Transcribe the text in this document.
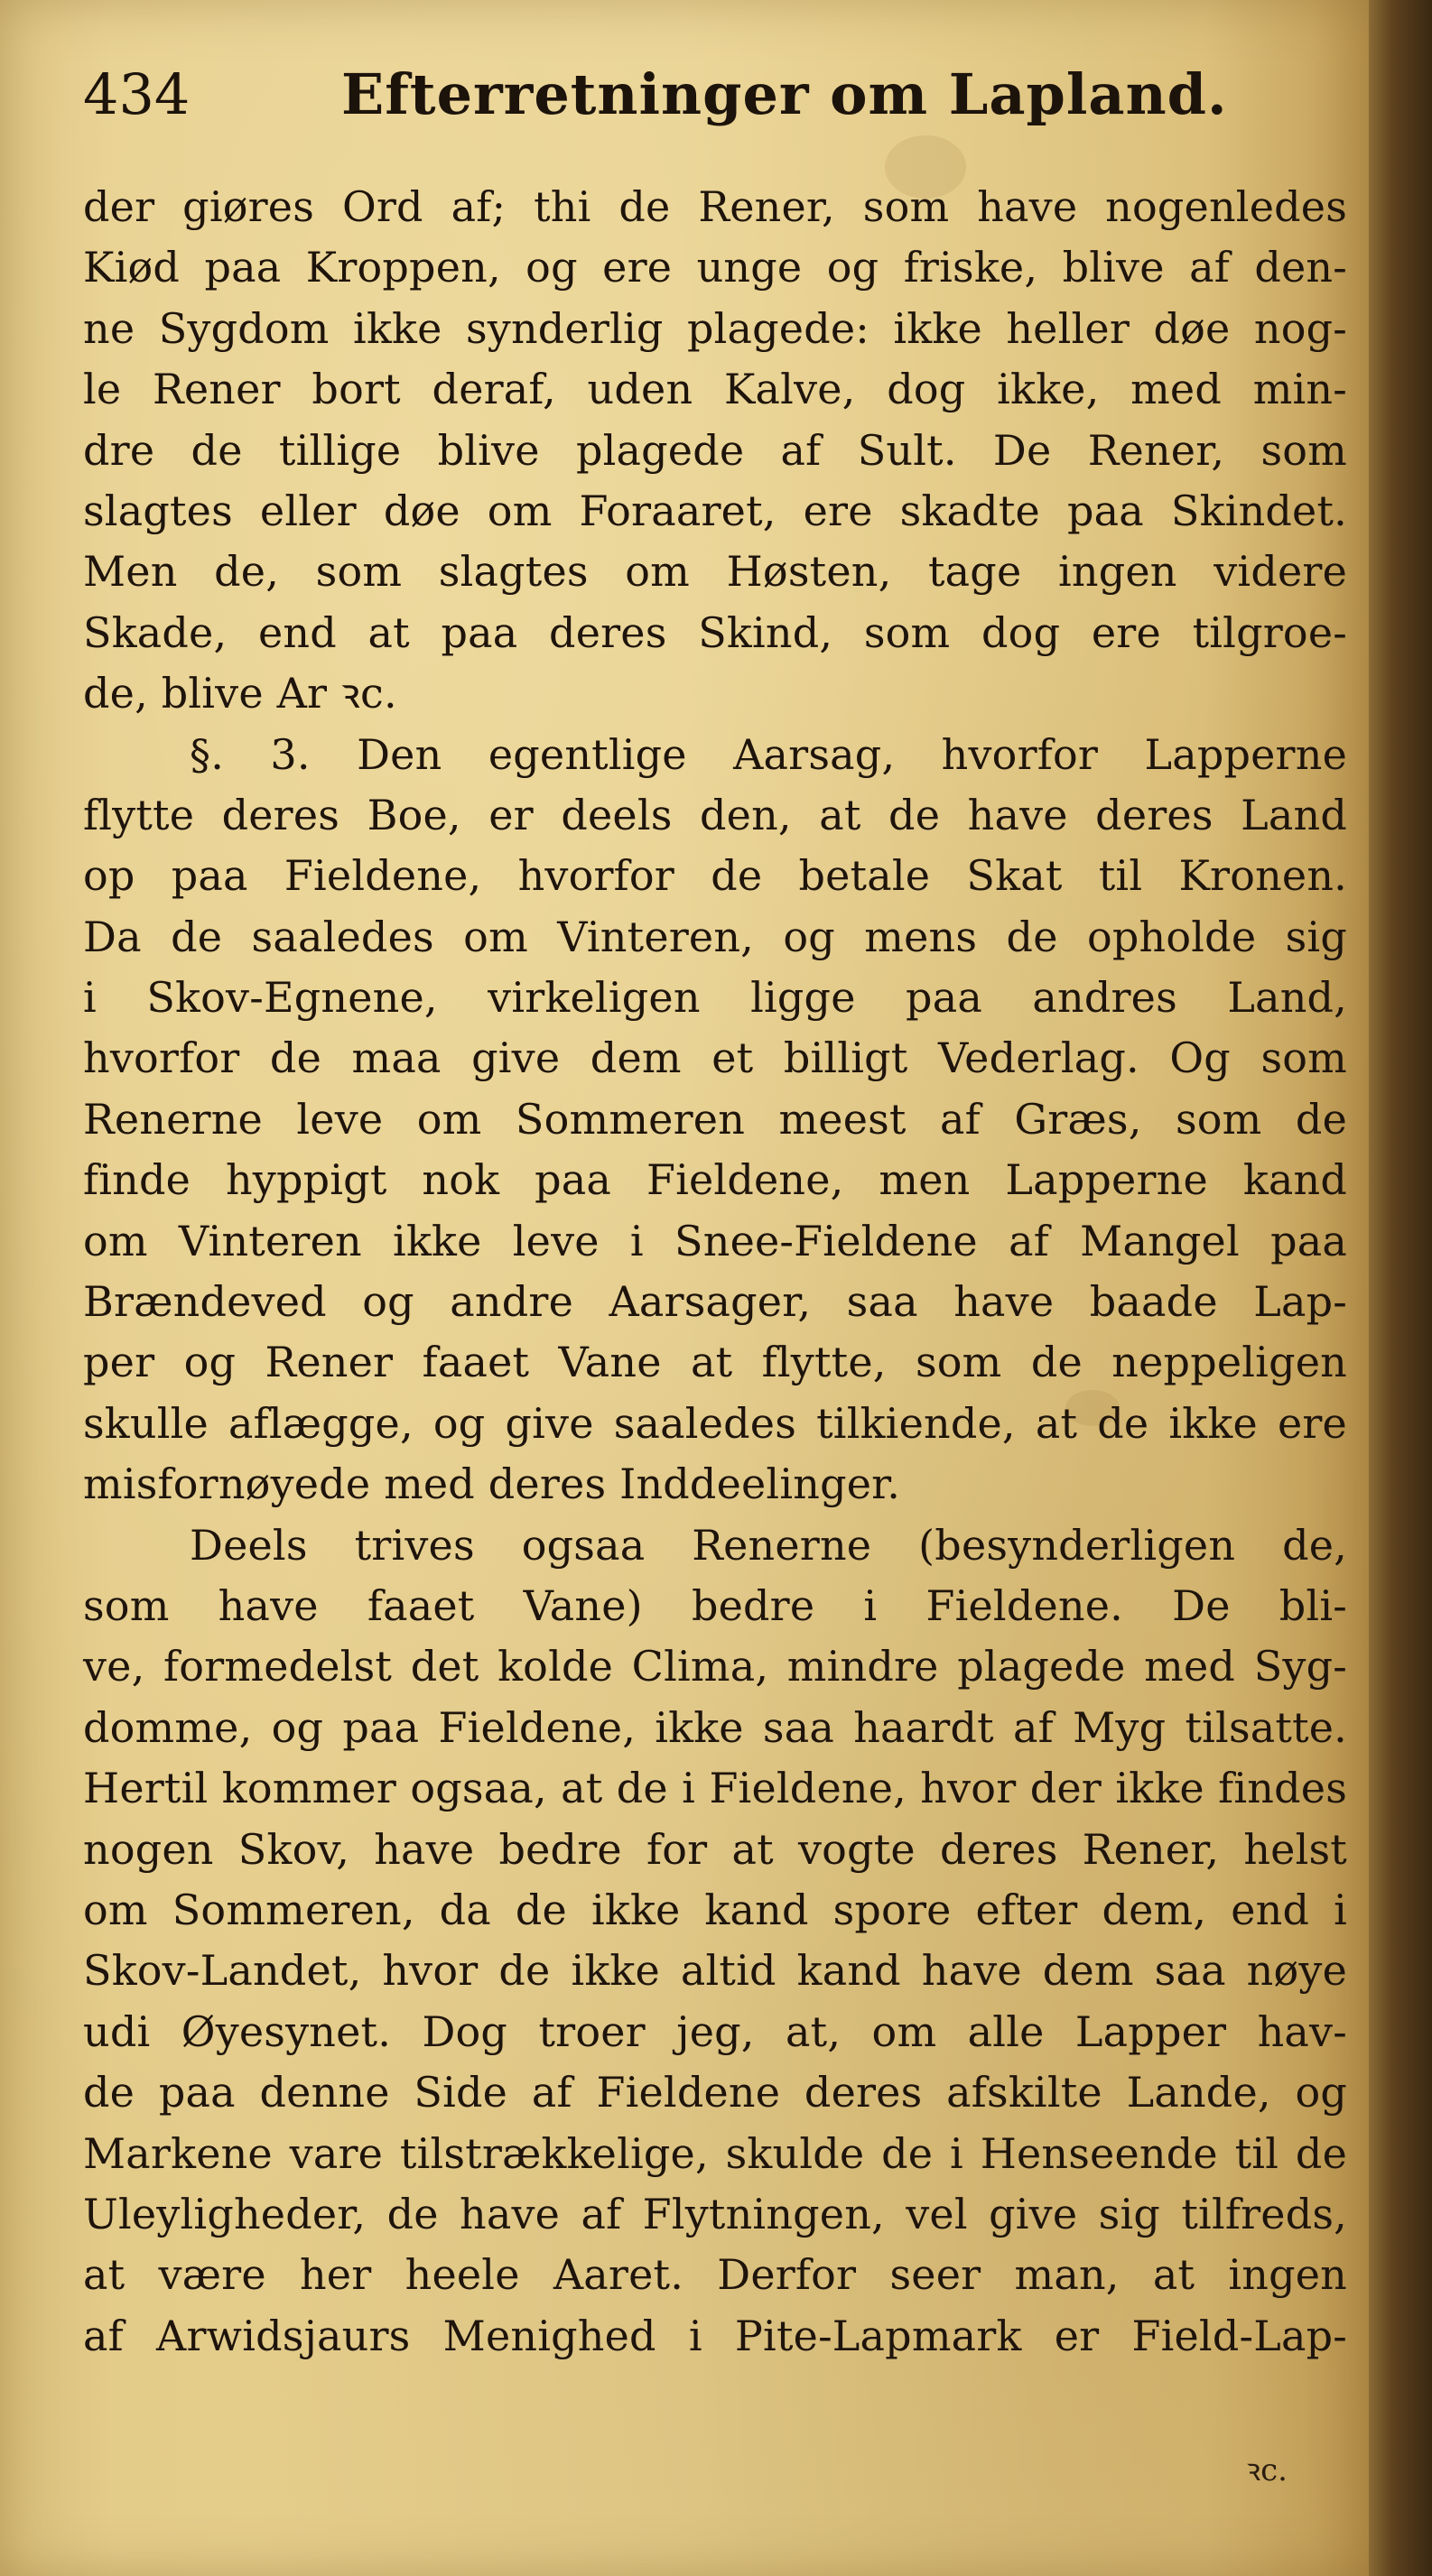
434	Efterretninger om Lapland.
der giøres Ord af; thi de Rener, som have nogenledes
Kiød paa Kroppen, og ere unge og friske, blive af den-
ne Sygdom ikke synderlig plagede: ikke heller døe nog-
le Rener bort deraf, uden Kalve, dog ikke, med min-
dre de tillige blive plagede af Sult. De Rener, som
slagtes eller døe om Foraaret, ere skadte paa Skindet.
Men de, som slagtes om Høsten, tage ingen videre
Skade, end at paa deres Skind, som dog ere tilgroe-
de, blive Ar ꝛc.
§. 3. Den egentlige Aarsag, hvorfor Lapperne
flytte deres Boe, er deels den, at de have deres Land
op paa Fieldene, hvorfor de betale Skat til Kronen.
Da de saaledes om Vinteren, og mens de opholde sig
i Skov-Egnene, virkeligen ligge paa andres Land,
hvorfor de maa give dem et billigt Vederlag. Og som
Renerne leve om Sommeren meest af Græs, som de
finde hyppigt nok paa Fieldene, men Lapperne kand
om Vinteren ikke leve i Snee-Fieldene af Mangel paa
Brændeved og andre Aarsager, saa have baade Lap-
per og Rener faaet Vane at flytte, som de neppeligen
skulle aflægge, og give saaledes tilkiende, at de ikke ere
misfornøyede med deres Inddeelinger.
Deels trives ogsaa Renerne (besynderligen de,
som have faaet Vane) bedre i Fieldene. De bli-
ve, formedelst det kolde Clima, mindre plagede med Syg-
domme, og paa Fieldene, ikke saa haardt af Myg tilsatte.
Hertil kommer ogsaa, at de i Fieldene, hvor der ikke findes
nogen Skov, have bedre for at vogte deres Rener, helst
om Sommeren, da de ikke kand spore efter dem, end i
Skov-Landet, hvor de ikke altid kand have dem saa nøye
udi Øyesynet. Dog troer jeg, at, om alle Lapper hav-
de paa denne Side af Fieldene deres afskilte Lande, og
Markene vare tilstrækkelige, skulde de i Henseende til de
Uleyligheder, de have af Flytningen, vel give sig tilfreds,
at være her heele Aaret. Derfor seer man, at ingen
af Arwidsjaurs Menighed i Pite-Lapmark er Field-Lap-
ꝛc.
